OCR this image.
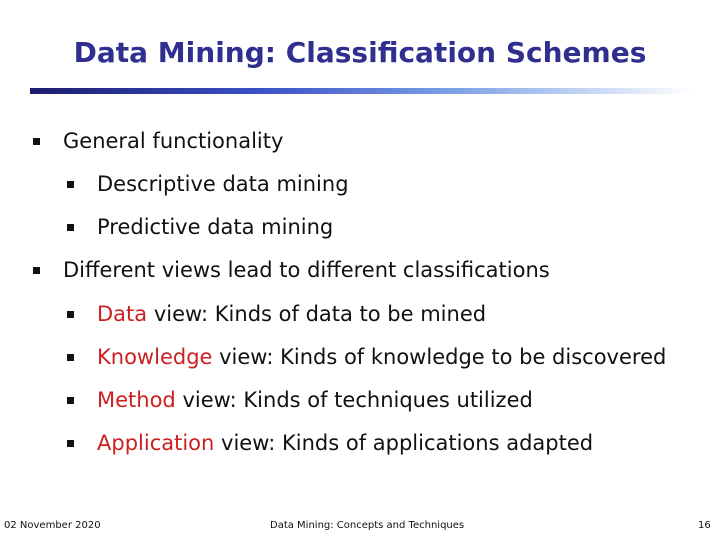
Data Mining: Classification Schemes
General functionality
Descriptive data mining
Predictive data mining
Different views lead to different classifications
Data view: Kinds of data to be mined
Knowledge view: Kinds of knowledge to be discovered
Method view: Kinds of techniques utilized
Application view: Kinds of applications adapted
02 November 2020	Data Mining: Concepts and Techniques	16
